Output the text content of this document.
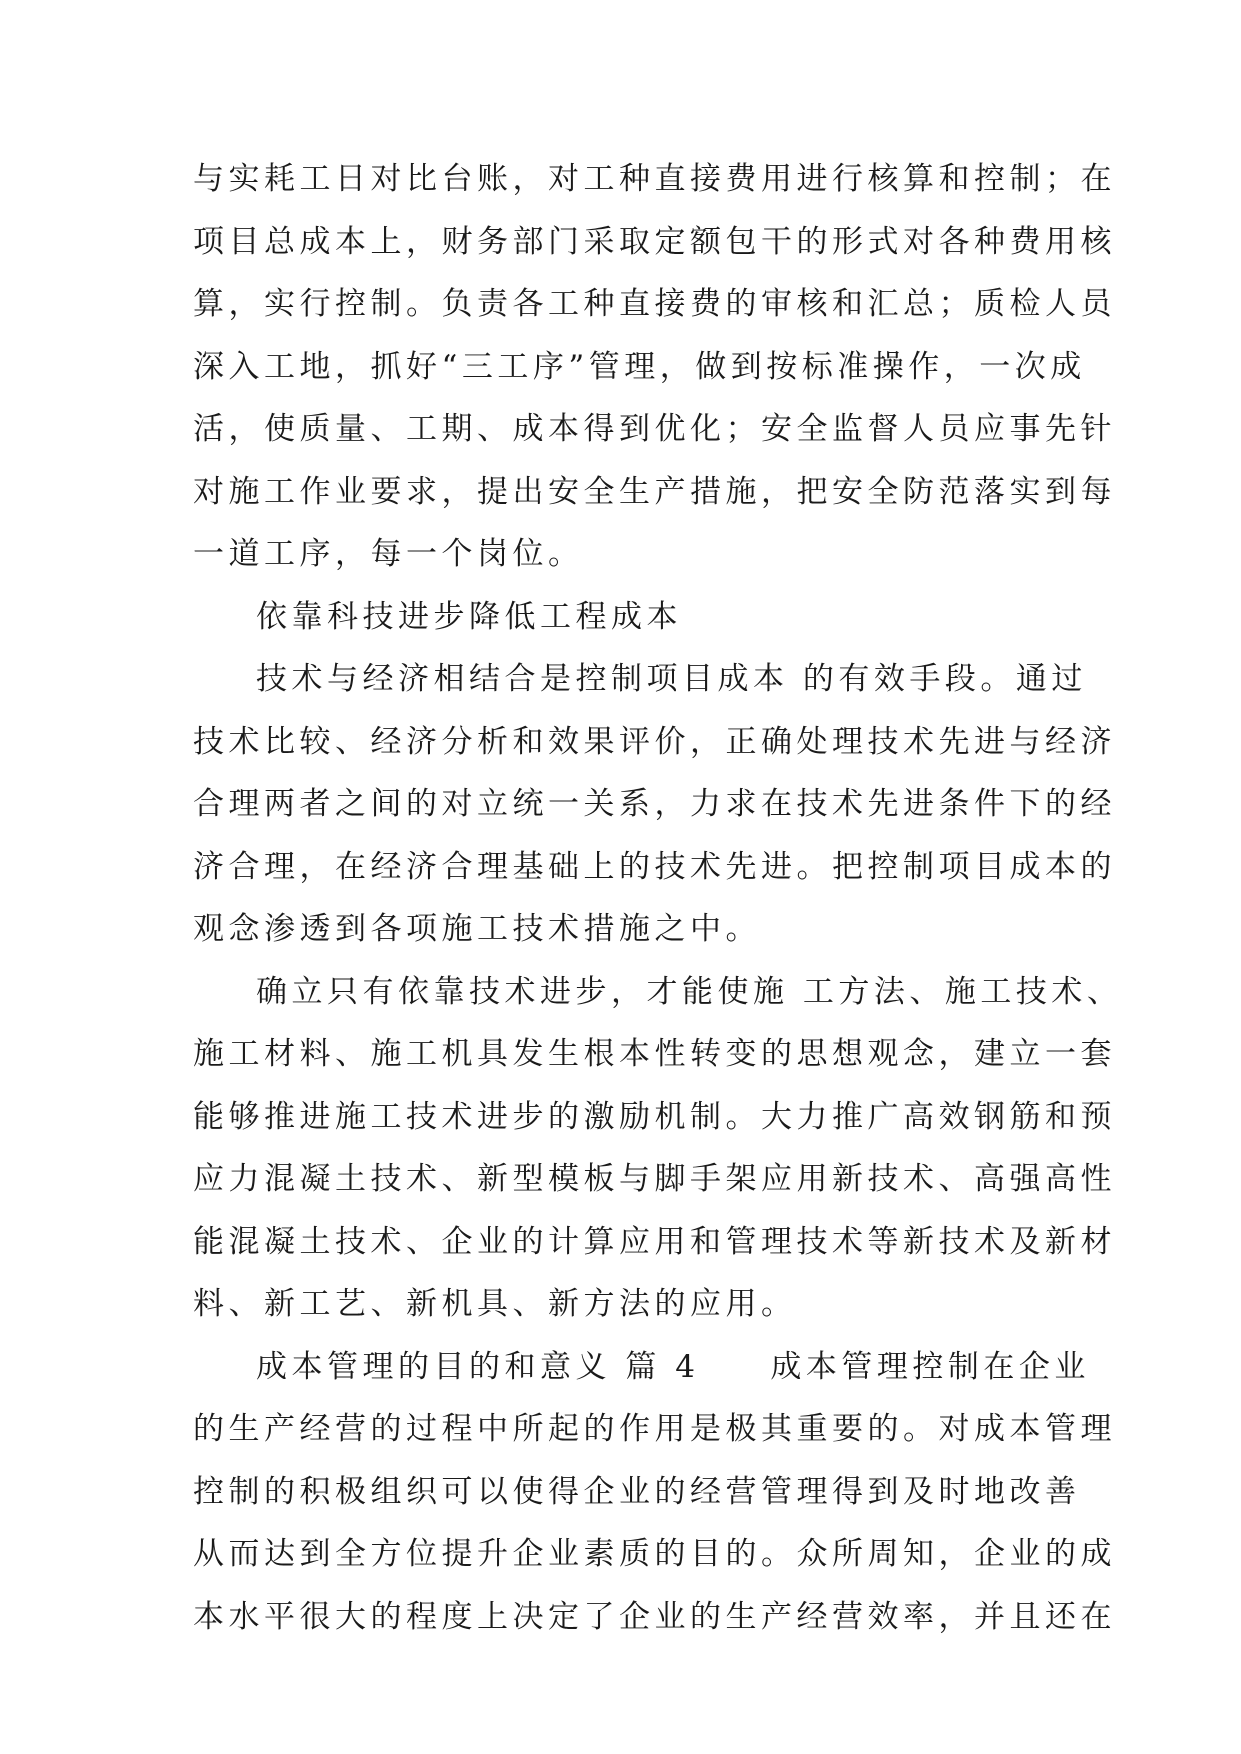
与实耗工日对比台账，对工种直接费用进行核算和控制；在
项目总成本上，财务部门采取定额包干的形式对各种费用核
算，实行控制。负责各工种直接费的审核和汇总；质检人员
深入工地，抓好“三工序”管理，做到按标准操作，一次成
活，使质量、工期、成本得到优化；安全监督人员应事先针
对施工作业要求，提出安全生产措施，把安全防范落实到每
一道工序，每一个岗位。
依靠科技进步降低工程成本
技术与经济相结合是控制项目成本 的有效手段。通过
技术比较、经济分析和效果评价，正确处理技术先进与经济
合理两者之间的对立统一关系，力求在技术先进条件下的经
济合理，在经济合理基础上的技术先进。把控制项目成本的
观念渗透到各项施工技术措施之中。
确立只有依靠技术进步，才能使施 工方法、施工技术、
施工材料、施工机具发生根本性转变的思想观念，建立一套
能够推进施工技术进步的激励机制。大力推广高效钢筋和预
应力混凝土技术、新型模板与脚手架应用新技术、高强高性
能混凝土技术、企业的计算应用和管理技术等新技术及新材
料、新工艺、新机具、新方法的应用。
成本管理的目的和意义 篇 4　　成本管理控制在企业
的生产经营的过程中所起的作用是极其重要的。对成本管理
控制的积极组织可以使得企业的经营管理得到及时地改善
从而达到全方位提升企业素质的目的。众所周知，企业的成
本水平很大的程度上决定了企业的生产经营效率，并且还在
